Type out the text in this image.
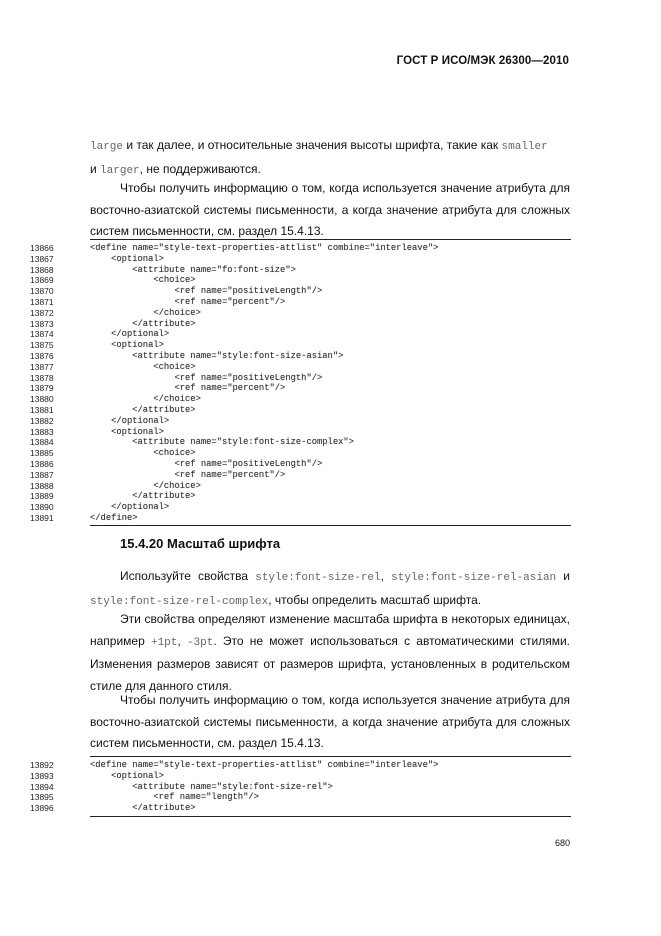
ГОСТ Р ИСО/МЭК 26300—2010

large и так далее, и относительные значения высоты шрифта, такие как smaller
и larger, не поддерживаются.

Чтобы получить информацию о том, когда используется значение атрибута для восточно-азиатской системы письменности, а когда значение атрибута для сложных систем письменности, см. раздел 15.4.13.

13866	<define name="style-text-properties-attlist" combine="interleave">
13867	<optional>
13868	<attribute name="fo:font-size">
13869	<choice>
13870	<ref name="positiveLength"/>
13871	<ref name="percent"/>
13872	</choice>
13873	</attribute>
13874	</optional>
13875	<optional>
13876	<attribute name="style:font-size-asian">
13877	<choice>
13878	<ref name="positiveLength"/>
13879	<ref name="percent"/>
13880	</choice>
13881	</attribute>
13882	</optional>
13883	<optional>
13884	<attribute name="style:font-size-complex">
13885	<choice>
13886	<ref name="positiveLength"/>
13887	<ref name="percent"/>
13888	</choice>
13889	</attribute>
13890	</optional>
13891	</define>
15.4.20 Масштаб шрифта

Используйте свойства style:font-size-rel, style:font-size-rel-asian и style:font-size-rel-complex, чтобы определить масштаб шрифта.

Эти свойства определяют изменение масштаба шрифта в некоторых единицах, например +1pt, -3pt. Это не может использоваться с автоматическими стилями. Изменения размеров зависят от размеров шрифта, установленных в родительском стиле для данного стиля.

Чтобы получить информацию о том, когда используется значение атрибута для восточно-азиатской системы письменности, а когда значение атрибута для сложных систем письменности, см. раздел 15.4.13.

13892	<define name="style-text-properties-attlist" combine="interleave">
13893	<optional>
13894	<attribute name="style:font-size-rel">
13895	<ref name="length"/>
13896	</attribute>
680
